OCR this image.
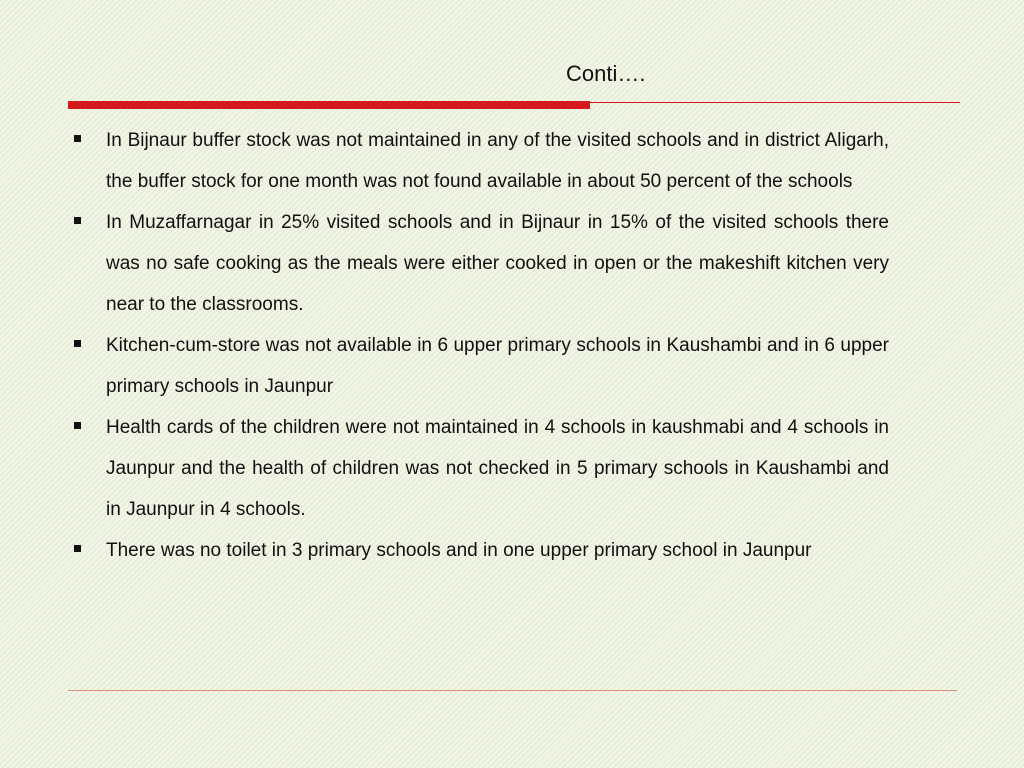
Conti….
In Bijnaur buffer stock was not maintained in any of the visited schools and in district Aligarh, the buffer stock for one month was not found available in about 50 percent of the schools
In Muzaffarnagar in 25% visited schools and in Bijnaur in 15% of the visited schools there was no safe cooking as the meals were either cooked in open or the makeshift kitchen very near to the classrooms.
Kitchen-cum-store was not available in 6 upper primary schools in Kaushambi and in 6 upper primary schools in Jaunpur
Health cards of the children were not maintained in 4 schools in kaushmabi and 4 schools in Jaunpur and the health of children was not checked in 5 primary schools in Kaushambi and in Jaunpur in 4 schools.
There was no toilet in 3 primary schools and in one upper primary school in Jaunpur
